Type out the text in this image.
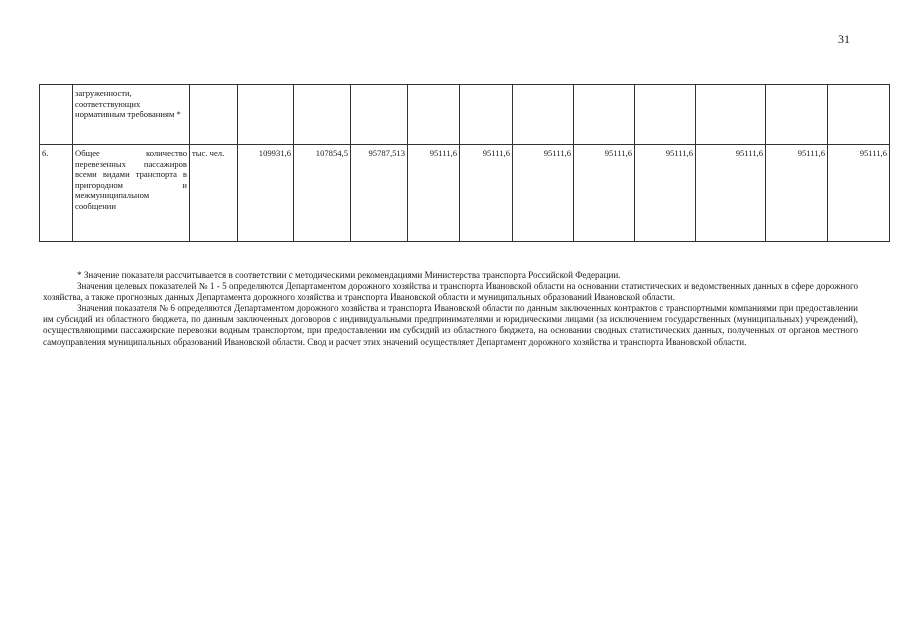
31
	загруженности, соответствующих нормативным требованиям *												
6.	Общее количество перевезенных пассажиров всеми видами транспорта в пригородном и межмуниципальном сообщении	тыс. чел.	109931,6	107854,5	95787,513	95111,6	95111,6	95111,6	95111,6	95111,6	95111,6	95111,6	95111,6

* Значение показателя рассчитывается в соответствии с методическими рекомендациями Министерства транспорта Российской Федерации.

Значения целевых показателей № 1 - 5 определяются Департаментом дорожного хозяйства и транспорта Ивановской области на основании статистических и ведомственных данных в сфере дорожного хозяйства, а также прогнозных данных Департамента дорожного хозяйства и транспорта Ивановской области и муниципальных образований Ивановской области.

Значения показателя № 6 определяются Департаментом дорожного хозяйства и транспорта Ивановской области по данным заключенных контрактов с транспортными компаниями при предоставлении им субсидий из областного бюджета, по данным заключенных договоров с индивидуальными предпринимателями и юридическими лицами (за исключением государственных (муниципальных) учреждений), осуществляющими пассажирские перевозки водным транспортом, при предоставлении им субсидий из областного бюджета, на основании сводных статистических данных, полученных от органов местного самоуправления муниципальных образований Ивановской области. Свод и расчет этих значений осуществляет Департамент дорожного хозяйства и транспорта Ивановской области.
